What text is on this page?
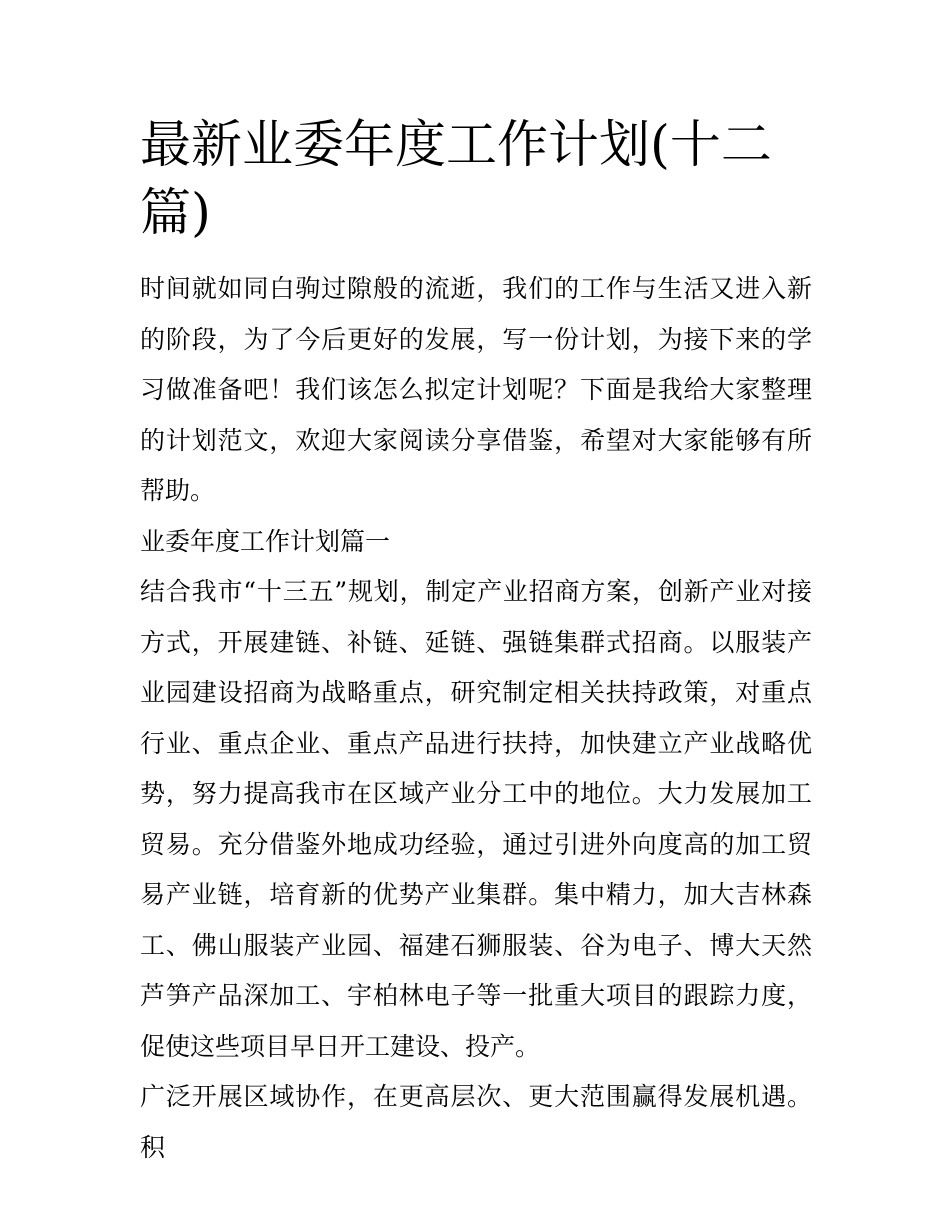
最新业委年度工作计划(十二篇)

时间就如同白驹过隙般的流逝，我们的工作与生活又进入新的阶段，为了今后更好的发展，写一份计划，为接下来的学习做准备吧！我们该怎么拟定计划呢？下面是我给大家整理的计划范文，欢迎大家阅读分享借鉴，希望对大家能够有所帮助。

业委年度工作计划篇一

结合我市“十三五”规划，制定产业招商方案，创新产业对接方式，开展建链、补链、延链、强链集群式招商。以服装产业园建设招商为战略重点，研究制定相关扶持政策，对重点行业、重点企业、重点产品进行扶持，加快建立产业战略优势，努力提高我市在区域产业分工中的地位。大力发展加工贸易。充分借鉴外地成功经验，通过引进外向度高的加工贸易产业链，培育新的优势产业集群。集中精力，加大吉林森工、佛山服装产业园、福建石狮服装、谷为电子、博大天然芦笋产品深加工、宇柏林电子等一批重大项目的跟踪力度，促使这些项目早日开工建设、投产。

广泛开展区域协作，在更高层次、更大范围赢得发展机遇。积
